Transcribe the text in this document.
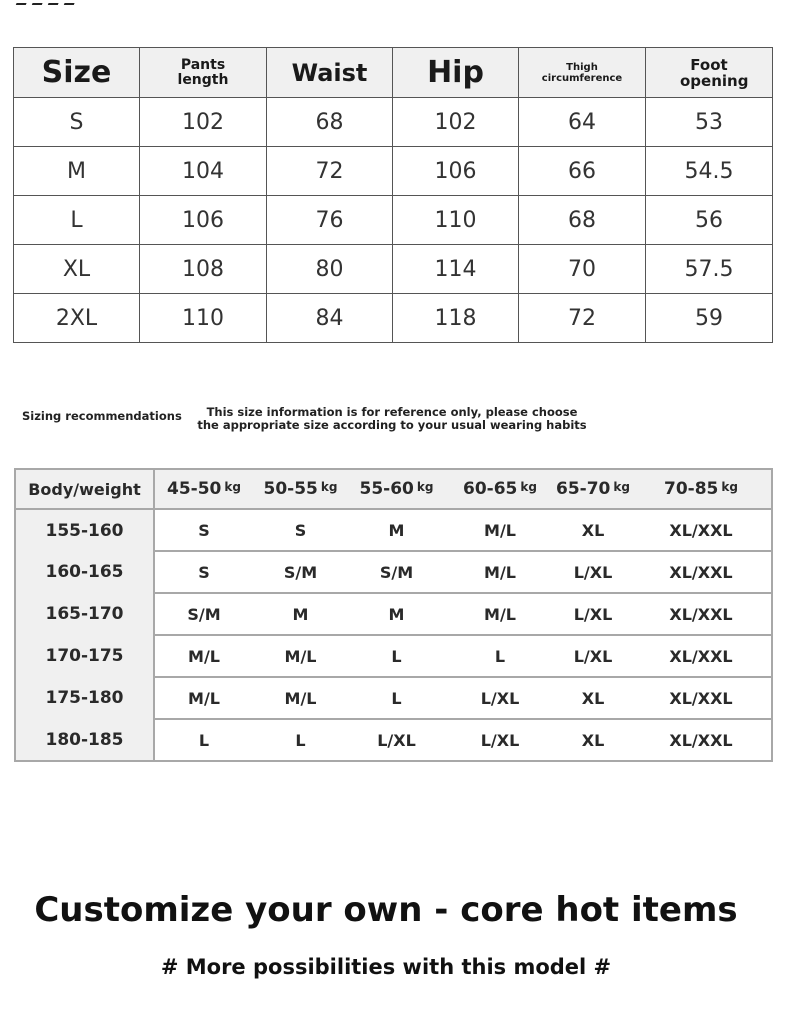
Size	Pants length	Waist	Hip	Thigh circumference	Foot opening
S	102	68	102	64	53
M	104	72	106	66	54.5
L	106	76	110	68	56
XL	108	80	114	70	57.5
2XL	110	84	118	72	59
Sizing recommendations	This size information is for reference only, please choose the appropriate size according to your usual wearing habits
Body/weight	45-50 $^{kg}$	50-55 $^{kg}$	55-60 $^{kg}$	60-65 $^{kg}$	65-70 $^{kg}$	70-85 $^{kg}$
155-160	S	S	M	M/L	XL	XL/XXL
160-165	S	S/M	S/M	M/L	L/XL	XL/XXL
165-170	S/M	M	M	M/L	L/XL	XL/XXL
170-175	M/L	M/L	L	L	L/XL	XL/XXL
175-180	M/L	M/L	L	L/XL	XL	XL/XXL
180-185	L	L	L/XL	L/XL	XL	XL/XXL
Customize your own - core hot items
# More possibilities with this model #
